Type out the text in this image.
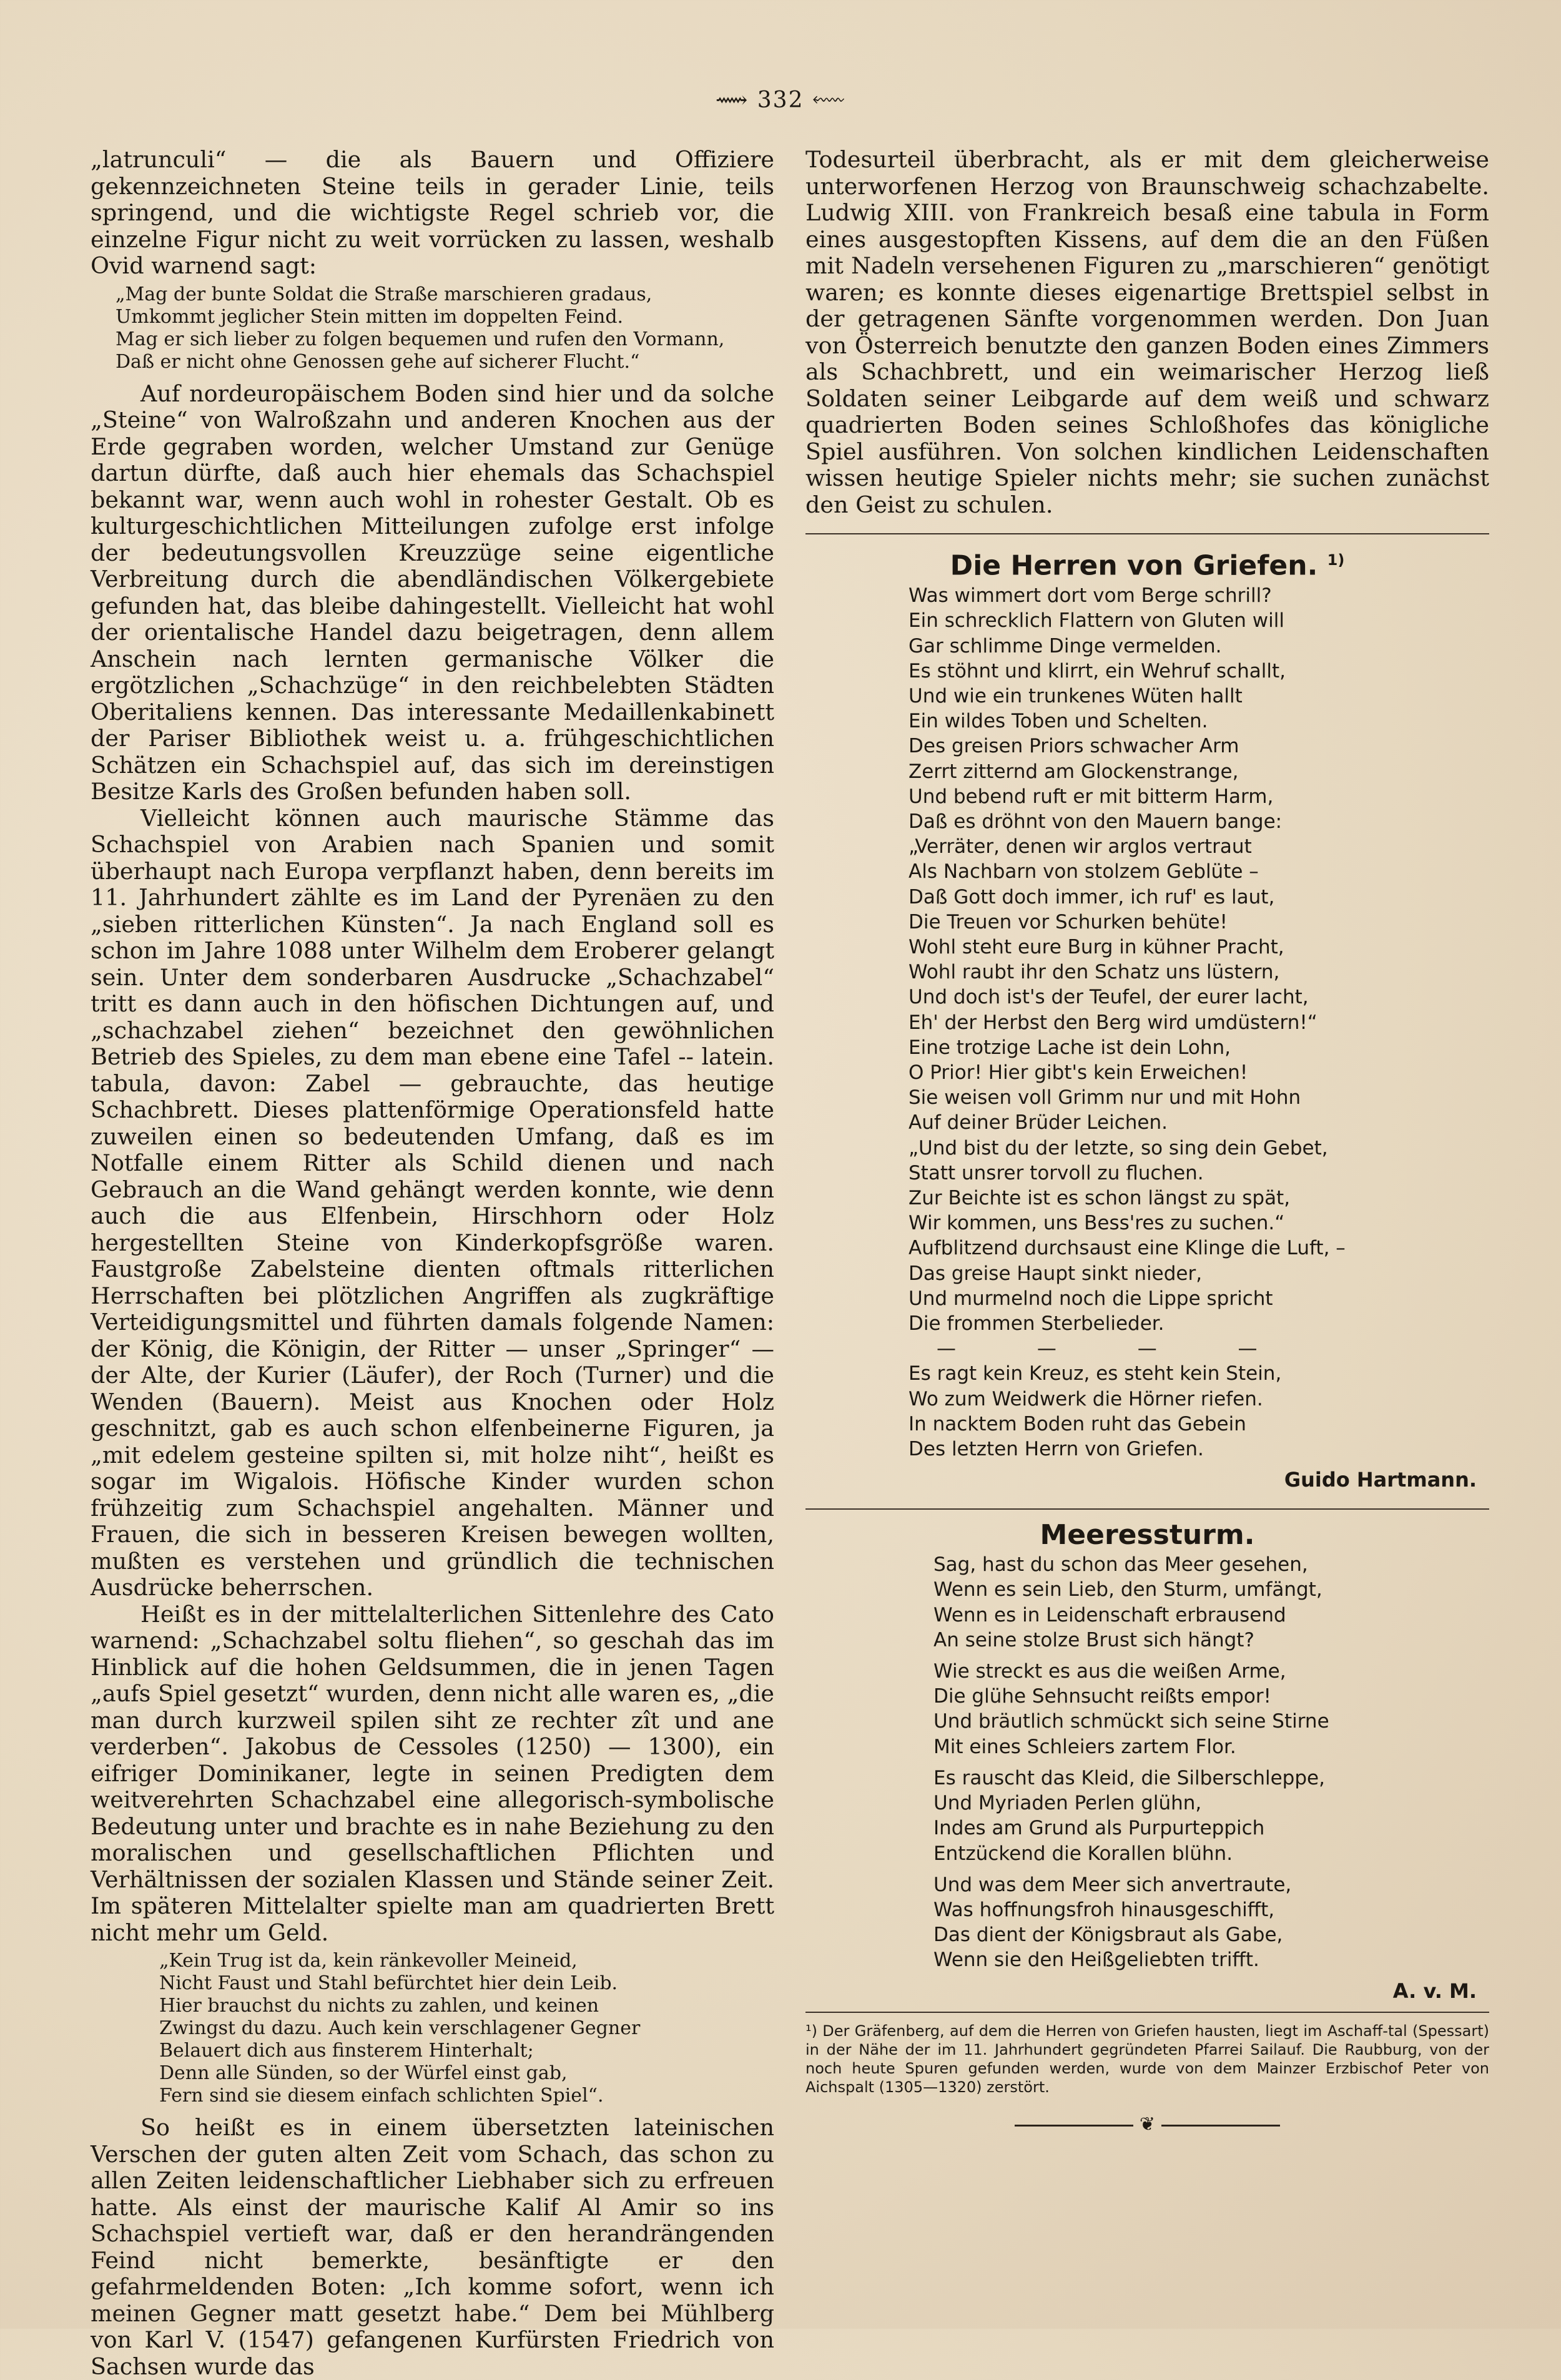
⟿ 332 ⬳

„latrunculi“ — die als Bauern und Offiziere gekennzeichneten Steine teils in gerader Linie, teils springend, und die wichtigste Regel schrieb vor, die einzelne Figur nicht zu weit vorrücken zu lassen, weshalb Ovid warnend sagt:

„Mag der bunte Soldat die Straße marschieren gradaus,
Umkommt jeglicher Stein mitten im doppelten Feind.
Mag er sich lieber zu folgen bequemen und rufen den Vormann,
Daß er nicht ohne Genossen gehe auf sicherer Flucht.“

Auf nordeuropäischem Boden sind hier und da solche „Steine“ von Walroßzahn und anderen Knochen aus der Erde gegraben worden, welcher Umstand zur Genüge dartun dürfte, daß auch hier ehemals das Schachspiel bekannt war, wenn auch wohl in rohester Gestalt. Ob es kulturgeschichtlichen Mitteilungen zufolge erst infolge der bedeutungsvollen Kreuzzüge seine eigentliche Verbreitung durch die abendländischen Völkergebiete gefunden hat, das bleibe dahingestellt. Vielleicht hat wohl der orientalische Handel dazu beigetragen, denn allem Anschein nach lernten germanische Völker die ergötzlichen „Schachzüge“ in den reichbelebten Städten Oberitaliens kennen. Das interessante Medaillenkabinett der Pariser Bibliothek weist u. a. frühgeschichtlichen Schätzen ein Schachspiel auf, das sich im dereinstigen Besitze Karls des Großen befunden haben soll.

Vielleicht können auch maurische Stämme das Schachspiel von Arabien nach Spanien und somit überhaupt nach Europa verpflanzt haben, denn bereits im 11. Jahrhundert zählte es im Land der Pyrenäen zu den „sieben ritterlichen Künsten“. Ja nach England soll es schon im Jahre 1088 unter Wilhelm dem Eroberer gelangt sein. Unter dem sonderbaren Ausdrucke „Schachzabel“ tritt es dann auch in den höfischen Dichtungen auf, und „schachzabel ziehen“ bezeichnet den gewöhnlichen Betrieb des Spieles, zu dem man ebene eine Tafel -- latein. tabula, davon: Zabel — gebrauchte, das heutige Schachbrett. Dieses plattenförmige Operationsfeld hatte zuweilen einen so bedeutenden Umfang, daß es im Notfalle einem Ritter als Schild dienen und nach Gebrauch an die Wand gehängt werden konnte, wie denn auch die aus Elfenbein, Hirschhorn oder Holz hergestellten Steine von Kinderkopfsgröße waren. Faustgroße Zabelsteine dienten oftmals ritterlichen Herrschaften bei plötzlichen Angriffen als zugkräftige Verteidigungsmittel und führten damals folgende Namen: der König, die Königin, der Ritter — unser „Springer“ — der Alte, der Kurier (Läufer), der Roch (Turner) und die Wenden (Bauern). Meist aus Knochen oder Holz geschnitzt, gab es auch schon elfenbeinerne Figuren, ja „mit edelem gesteine spilten si, mit holze niht“, heißt es sogar im Wigalois. Höfische Kinder wurden schon frühzeitig zum Schachspiel angehalten. Männer und Frauen, die sich in besseren Kreisen bewegen wollten, mußten es verstehen und gründlich die technischen Ausdrücke beherrschen.

Heißt es in der mittelalterlichen Sittenlehre des Cato warnend: „Schachzabel soltu fliehen“, so geschah das im Hinblick auf die hohen Geldsummen, die in jenen Tagen „aufs Spiel gesetzt“ wurden, denn nicht alle waren es, „die man durch kurzweil spilen siht ze rechter zît und ane verderben“. Jakobus de Cessoles (1250) — 1300), ein eifriger Dominikaner, legte in seinen Predigten dem weitverehrten Schachzabel eine allegorisch-symbolische Bedeutung unter und brachte es in nahe Beziehung zu den moralischen und gesellschaftlichen Pflichten und Verhältnissen der sozialen Klassen und Stände seiner Zeit. Im späteren Mittelalter spielte man am quadrierten Brett nicht mehr um Geld.

„Kein Trug ist da, kein ränkevoller Meineid,
Nicht Faust und Stahl befürchtet hier dein Leib.
Hier brauchst du nichts zu zahlen, und keinen
Zwingst du dazu. Auch kein verschlagener Gegner
Belauert dich aus finsterem Hinterhalt;
Denn alle Sünden, so der Würfel einst gab,
Fern sind sie diesem einfach schlichten Spiel“.

So heißt es in einem übersetzten lateinischen Verschen der guten alten Zeit vom Schach, das schon zu allen Zeiten leidenschaftlicher Liebhaber sich zu erfreuen hatte. Als einst der maurische Kalif Al Amir so ins Schachspiel vertieft war, daß er den herandrängenden Feind nicht bemerkte, besänftigte er den gefahrmeldenden Boten: „Ich komme sofort, wenn ich meinen Gegner matt gesetzt habe.“ Dem bei Mühlberg von Karl V. (1547) gefangenen Kurfürsten Friedrich von Sachsen wurde das

Todesurteil überbracht, als er mit dem gleicherweise unterworfenen Herzog von Braunschweig schachzabelte. Ludwig XIII. von Frankreich besaß eine tabula in Form eines ausgestopften Kissens, auf dem die an den Füßen mit Nadeln versehenen Figuren zu „marschieren“ genötigt waren; es konnte dieses eigenartige Brettspiel selbst in der getragenen Sänfte vorgenommen werden. Don Juan von Österreich benutzte den ganzen Boden eines Zimmers als Schachbrett, und ein weimarischer Herzog ließ Soldaten seiner Leibgarde auf dem weiß und schwarz quadrierten Boden seines Schloßhofes das königliche Spiel ausführen. Von solchen kindlichen Leidenschaften wissen heutige Spieler nichts mehr; sie suchen zunächst den Geist zu schulen.

Die Herren von Griefen. $^{1)}$
Was wimmert dort vom Berge schrill?
Ein schrecklich Flattern von Gluten will
Gar schlimme Dinge vermelden.
Es stöhnt und klirrt, ein Wehruf schallt,
Und wie ein trunkenes Wüten hallt
Ein wildes Toben und Schelten.
Des greisen Priors schwacher Arm
Zerrt zitternd am Glockenstrange,
Und bebend ruft er mit bitterm Harm,
Daß es dröhnt von den Mauern bange:
„Verräter, denen wir arglos vertraut
Als Nachbarn von stolzem Geblüte –
Daß Gott doch immer, ich ruf' es laut,
Die Treuen vor Schurken behüte!
Wohl steht eure Burg in kühner Pracht,
Wohl raubt ihr den Schatz uns lüstern,
Und doch ist's der Teufel, der eurer lacht,
Eh' der Herbst den Berg wird umdüstern!“
Eine trotzige Lache ist dein Lohn,
O Prior! Hier gibt's kein Erweichen!
Sie weisen voll Grimm nur und mit Hohn
Auf deiner Brüder Leichen.
„Und bist du der letzte, so sing dein Gebet,
Statt unsrer torvoll zu fluchen.
Zur Beichte ist es schon längst zu spät,
Wir kommen, uns Bess'res zu suchen.“
Aufblitzend durchsaust eine Klinge die Luft, –
Das greise Haupt sinkt nieder,
Und murmelnd noch die Lippe spricht
Die frommen Sterbelieder.
— — — —
Es ragt kein Kreuz, es steht kein Stein,
Wo zum Weidwerk die Hörner riefen.
In nacktem Boden ruht das Gebein
Des letzten Herrn von Griefen.
Guido Hartmann.
Meeressturm.
Sag, hast du schon das Meer gesehen,
Wenn es sein Lieb, den Sturm, umfängt,
Wenn es in Leidenschaft erbrausend
An seine stolze Brust sich hängt?
Wie streckt es aus die weißen Arme,
Die glühe Sehnsucht reißts empor!
Und bräutlich schmückt sich seine Stirne
Mit eines Schleiers zartem Flor.
Es rauscht das Kleid, die Silberschleppe,
Und Myriaden Perlen glühn,
Indes am Grund als Purpurteppich
Entzückend die Korallen blühn.
Und was dem Meer sich anvertraute,
Was hoffnungsfroh hinausgeschifft,
Das dient der Königsbraut als Gabe,
Wenn sie den Heißgeliebten trifft.
A. v. M.
¹) Der Gräfenberg, auf dem die Herren von Griefen hausten, liegt im Aschaff-tal (Spessart) in der Nähe der im 11. Jahrhundert gegründeten Pfarrei Sailauf. Die Raubburg, von der noch heute Spuren gefunden werden, wurde von dem Mainzer Erzbischof Peter von Aichspalt (1305—1320) zerstört.
❦
